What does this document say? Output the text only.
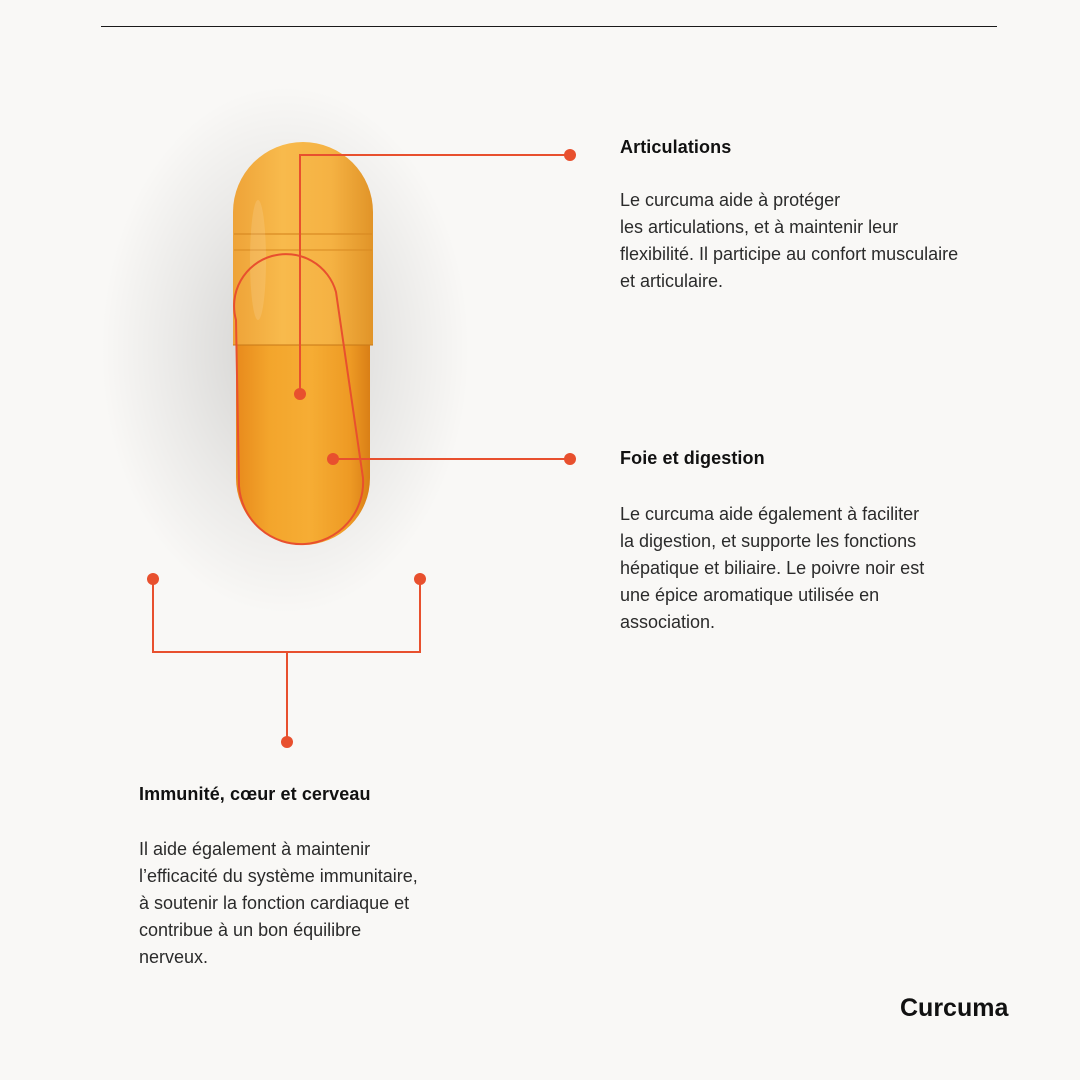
Articulations

Le curcuma aide à protéger
les articulations, et à maintenir leur
flexibilité. Il participe au confort musculaire
et articulaire.

Foie et digestion

Le curcuma aide également à faciliter
la digestion, et supporte les fonctions
hépatique et biliaire. Le poivre noir est
une épice aromatique utilisée en
association.

Immunité, cœur et cerveau

Il aide également à maintenir
l’efficacité du système immunitaire,
à soutenir la fonction cardiaque et
contribue à un bon équilibre
nerveux.

Curcuma
